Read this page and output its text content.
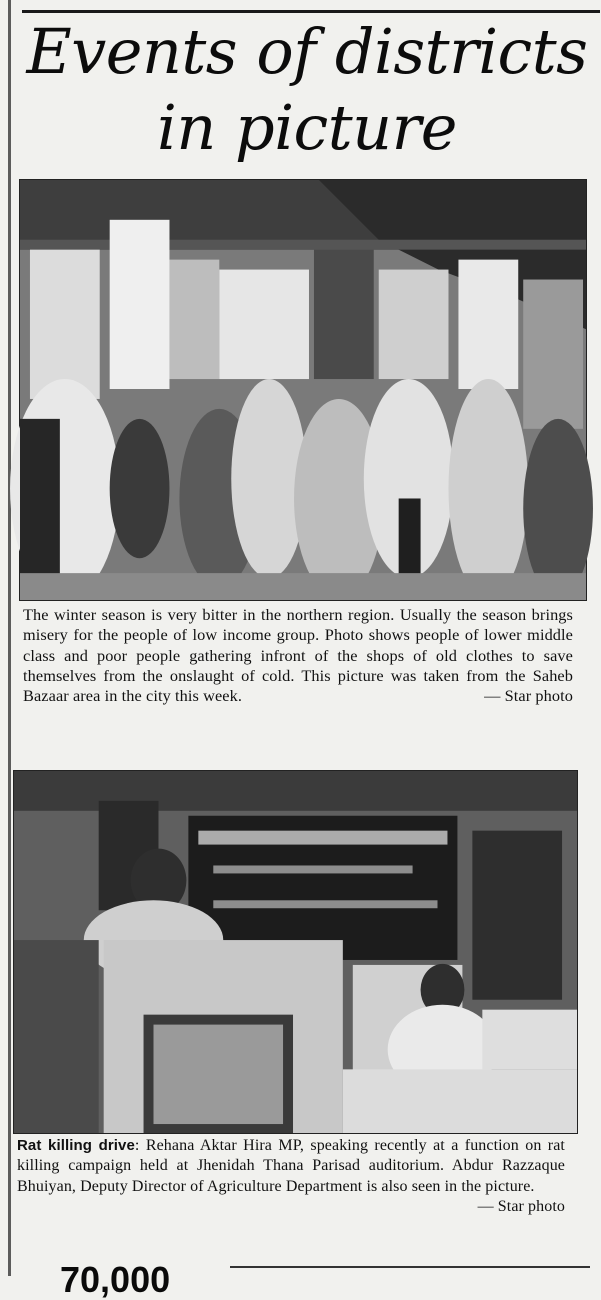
Events of districts
in picture

The winter season is very bitter in the northern region. Usually the season brings misery for the people of low income group. Photo shows people of lower middle class and poor people gathering infront of the shops of old clothes to save themselves from the onslaught of cold. This picture was taken from the Saheb Bazaar area in the city this week.	— Star photo

Rat killing drive: Rehana Aktar Hira MP, speaking recently at a function on rat killing campaign held at Jhenidah Thana Parisad auditorium. Abdur Razzaque Bhuiyan, Deputy Director of Agriculture Department is also seen in the picture.
— Star photo

70,000
